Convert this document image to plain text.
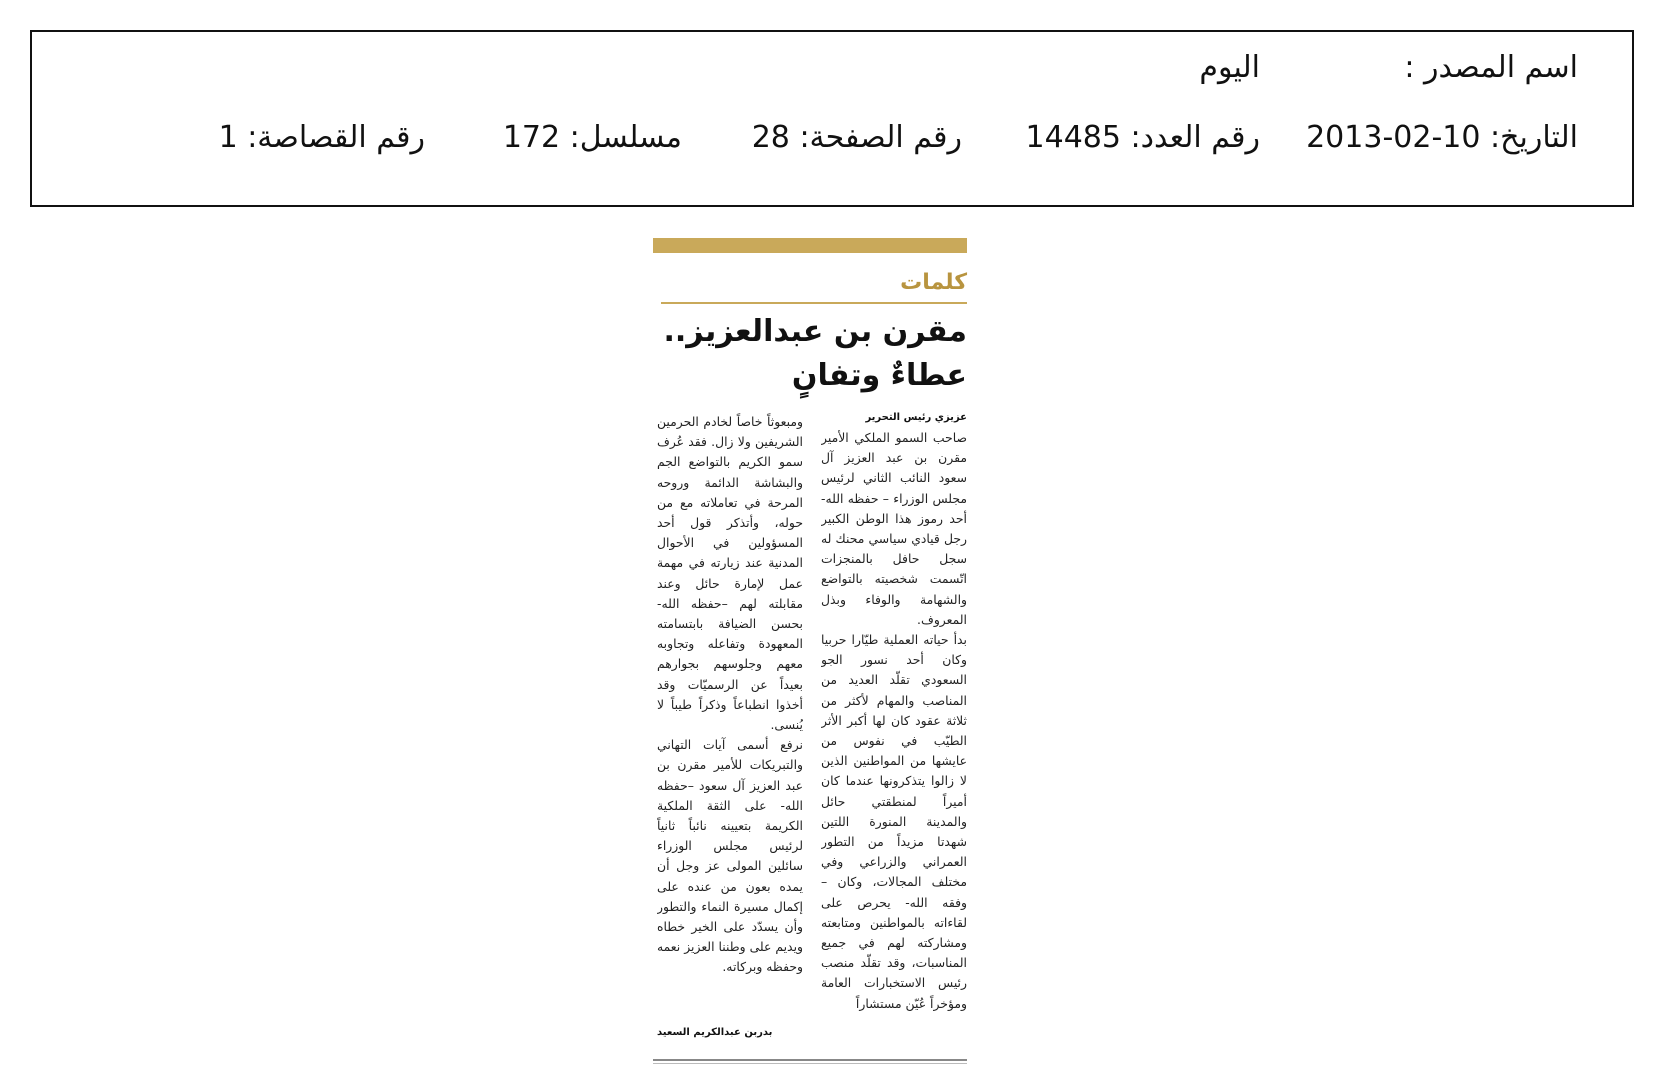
اسم المصدر :
اليوم
التاريخ: 10-02-2013
رقم العدد: 14485
رقم الصفحة: 28
مسلسل: 172
رقم القصاصة: 1
كلمات
مقرن بن عبدالعزيز..
عطاءٌ وتفانٍ
عزيزي رئيس التحرير

صاحب السمو الملكي الأمير مقرن بن عبد العزيز آل سعود النائب الثاني لرئيس مجلس الوزراء – حفظه الله- أحد رموز هذا الوطن الكبير رجل قيادي سياسي محنك له سجل حافل بالمنجزات اتّسمت شخصيته بالتواضع والشهامة والوفاء وبذل المعروف.

بدأ حياته العملية طيّارا حربيا وكان أحد نسور الجو السعودي تقلّد العديد من المناصب والمهام لأكثر من ثلاثة عقود كان لها أكبر الأثر الطيّب في نفوس من عايشها من المواطنين الذين لا زالوا يتذكرونها عندما كان أميراً لمنطقتي حائل والمدينة المنورة اللتين شهدتا مزيداً من التطور العمراني والزراعي وفي مختلف المجالات، وكان –وفقه الله- يحرص على لقاءاته بالمواطنين ومتابعته ومشاركته لهم في جميع المناسبات، وقد تقلّد منصب رئيس الاستخبارات العامة ومؤخراً عُيّن مستشاراً

ومبعوثاً خاصاً لخادم الحرمين الشريفين ولا زال. فقد عُرف سمو الكريم بالتواضع الجم والبشاشة الدائمة وروحه المرحة في تعاملاته مع من حوله، وأتذكر قول أحد المسؤولين في الأحوال المدنية عند زيارته في مهمة عمل لإمارة حائل وعند مقابلته لهم –حفظه الله- بحسن الضيافة بابتسامته المعهودة وتفاعله وتجاوبه معهم وجلوسهم بجوارهم بعيداً عن الرسميّات وقد أخذوا انطباعاً وذكراً طيباً لا يُنسى.

نرفع أسمى آيات التهاني والتبريكات للأمير مقرن بن عبد العزيز آل سعود –حفظه الله- على الثقة الملكية الكريمة بتعيينه نائباً ثانياً لرئيس مجلس الوزراء سائلين المولى عز وجل أن يمده بعون من عنده على إكمال مسيرة النماء والتطور وأن يسدّد على الخير خطاه ويديم على وطننا العزيز نعمه وحفظه وبركاته.

بدربن عبدالكريم السعيد
